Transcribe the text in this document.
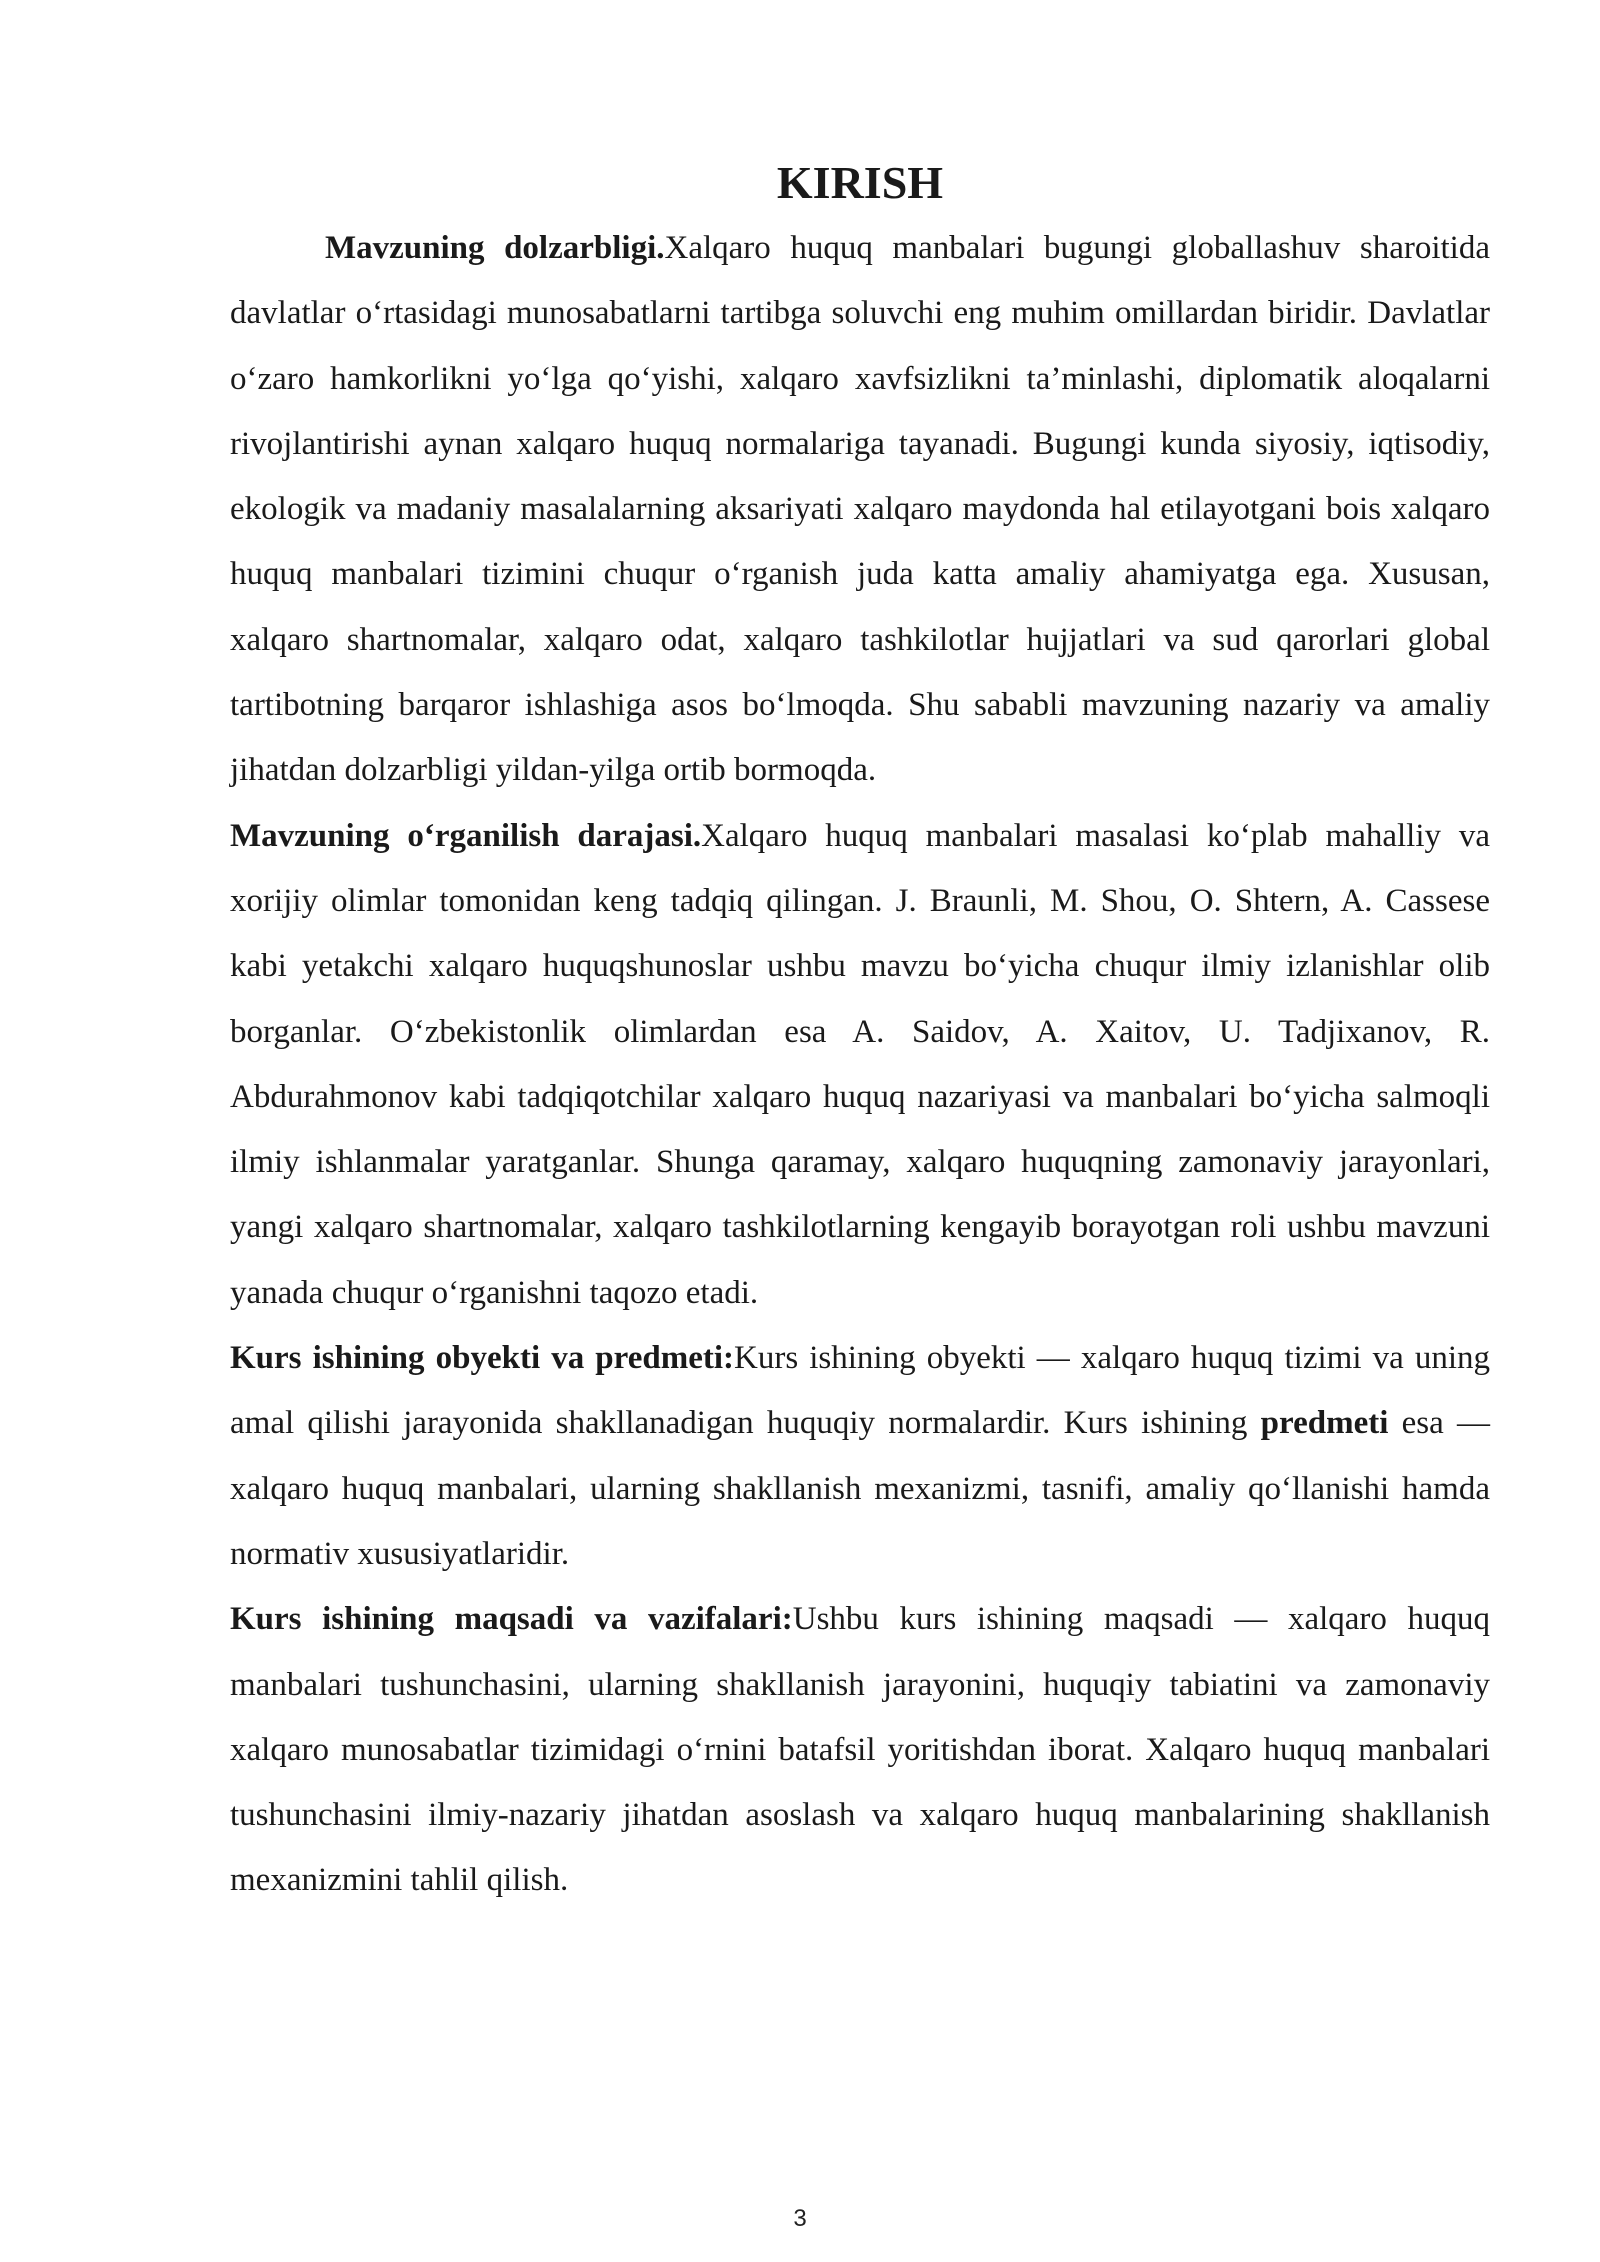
KIRISH

Mavzuning dolzarbligi.Xalqaro huquq manbalari bugungi globallashuv sharoitida davlatlar o‘rtasidagi munosabatlarni tartibga soluvchi eng muhim omillardan biridir. Davlatlar o‘zaro hamkorlikni yo‘lga qo‘yishi, xalqaro xavfsizlikni ta’minlashi, diplomatik aloqalarni rivojlantirishi aynan xalqaro huquq normalariga tayanadi. Bugungi kunda siyosiy, iqtisodiy, ekologik va madaniy masalalarning aksariyati xalqaro maydonda hal etilayotgani bois xalqaro huquq manbalari tizimini chuqur o‘rganish juda katta amaliy ahamiyatga ega. Xususan, xalqaro shartnomalar, xalqaro odat, xalqaro tashkilotlar hujjatlari va sud qarorlari global tartibotning barqaror ishlashiga asos bo‘lmoqda. Shu sababli mavzuning nazariy va amaliy jihatdan dolzarbligi yildan-yilga ortib bormoqda.

Mavzuning o‘rganilish darajasi.Xalqaro huquq manbalari masalasi ko‘plab mahalliy va xorijiy olimlar tomonidan keng tadqiq qilingan. J. Braunli, M. Shou, O. Shtern, A. Cassese kabi yetakchi xalqaro huquqshunoslar ushbu mavzu bo‘yicha chuqur ilmiy izlanishlar olib borganlar. O‘zbekistonlik olimlardan esa A. Saidov, A. Xaitov, U. Tadjixanov, R. Abdurahmonov kabi tadqiqotchilar xalqaro huquq nazariyasi va manbalari bo‘yicha salmoqli ilmiy ishlanmalar yaratganlar. Shunga qaramay, xalqaro huquqning zamonaviy jarayonlari, yangi xalqaro shartnomalar, xalqaro tashkilotlarning kengayib borayotgan roli ushbu mavzuni yanada chuqur o‘rganishni taqozo etadi.

Kurs ishining obyekti va predmeti:Kurs ishining obyekti — xalqaro huquq tizimi va uning amal qilishi jarayonida shakllanadigan huquqiy normalardir. Kurs ishining predmeti esa — xalqaro huquq manbalari, ularning shakllanish mexanizmi, tasnifi, amaliy qo‘llanishi hamda normativ xususiyatlaridir.

Kurs ishining maqsadi va vazifalari:Ushbu kurs ishining maqsadi — xalqaro huquq manbalari tushunchasini, ularning shakllanish jarayonini, huquqiy tabiatini va zamonaviy xalqaro munosabatlar tizimidagi o‘rnini batafsil yoritishdan iborat. Xalqaro huquq manbalari tushunchasini ilmiy-nazariy jihatdan asoslash va xalqaro huquq manbalarining shakllanish mexanizmini tahlil qilish.

3
